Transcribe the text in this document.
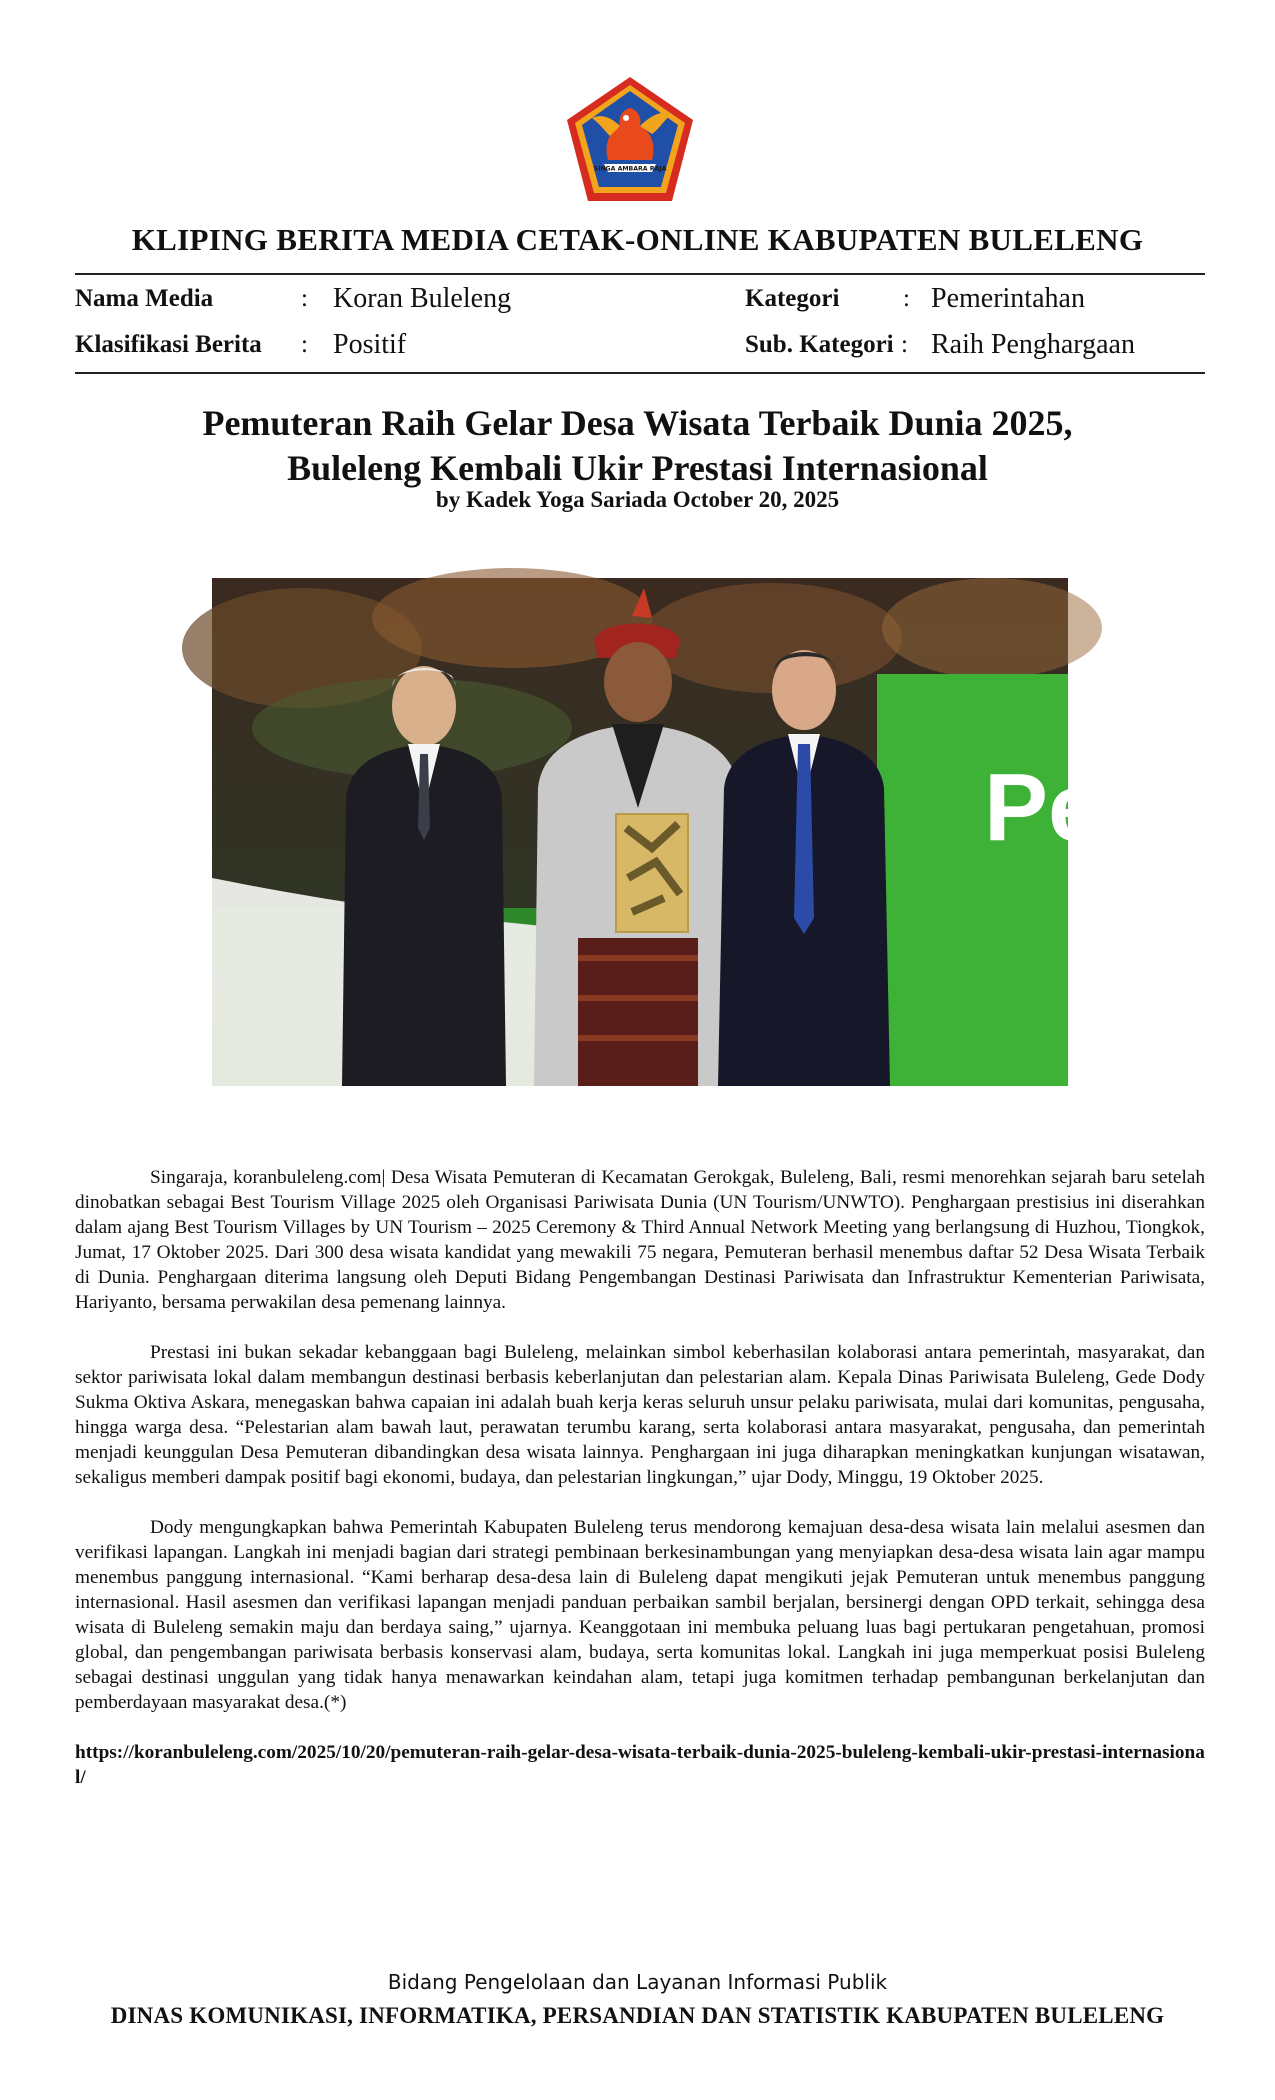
SINGA AMBARA RAJA
KLIPING BERITA MEDIA CETAK-ONLINE KABUPATEN BULELENG
Nama Media	: Koran Buleleng
Klasifikasi Berita : Positif
Kategori	: Pemerintahan
Sub. Kategori : Raih Penghargaan
Pemuteran Raih Gelar Desa Wisata Terbaik Dunia 2025,
Buleleng Kembali Ukir Prestasi Internasional
by Kadek Yoga Sariada October 20, 2025
Pe

Singaraja, koranbuleleng.com| Desa Wisata Pemuteran di Kecamatan Gerokgak, Buleleng, Bali, resmi menorehkan sejarah baru setelah dinobatkan sebagai Best Tourism Village 2025 oleh Organisasi Pariwisata Dunia (UN Tourism/UNWTO). Penghargaan prestisius ini diserahkan dalam ajang Best Tourism Villages by UN Tourism – 2025 Ceremony & Third Annual Network Meeting yang berlangsung di Huzhou, Tiongkok, Jumat, 17 Oktober 2025. Dari 300 desa wisata kandidat yang mewakili 75 negara, Pemuteran berhasil menembus daftar 52 Desa Wisata Terbaik di Dunia. Penghargaan diterima langsung oleh Deputi Bidang Pengembangan Destinasi Pariwisata dan Infrastruktur Kementerian Pariwisata, Hariyanto, bersama perwakilan desa pemenang lainnya.

Prestasi ini bukan sekadar kebanggaan bagi Buleleng, melainkan simbol keberhasilan kolaborasi antara pemerintah, masyarakat, dan sektor pariwisata lokal dalam membangun destinasi berbasis keberlanjutan dan pelestarian alam. Kepala Dinas Pariwisata Buleleng, Gede Dody Sukma Oktiva Askara, menegaskan bahwa capaian ini adalah buah kerja keras seluruh unsur pelaku pariwisata, mulai dari komunitas, pengusaha, hingga warga desa. “Pelestarian alam bawah laut, perawatan terumbu karang, serta kolaborasi antara masyarakat, pengusaha, dan pemerintah menjadi keunggulan Desa Pemuteran dibandingkan desa wisata lainnya. Penghargaan ini juga diharapkan meningkatkan kunjungan wisatawan, sekaligus memberi dampak positif bagi ekonomi, budaya, dan pelestarian lingkungan,” ujar Dody, Minggu, 19 Oktober 2025.

Dody mengungkapkan bahwa Pemerintah Kabupaten Buleleng terus mendorong kemajuan desa-desa wisata lain melalui asesmen dan verifikasi lapangan. Langkah ini menjadi bagian dari strategi pembinaan berkesinambungan yang menyiapkan desa-desa wisata lain agar mampu menembus panggung internasional. “Kami berharap desa-desa lain di Buleleng dapat mengikuti jejak Pemuteran untuk menembus panggung internasional. Hasil asesmen dan verifikasi lapangan menjadi panduan perbaikan sambil berjalan, bersinergi dengan OPD terkait, sehingga desa wisata di Buleleng semakin maju dan berdaya saing,” ujarnya. Keanggotaan ini membuka peluang luas bagi pertukaran pengetahuan, promosi global, dan pengembangan pariwisata berbasis konservasi alam, budaya, serta komunitas lokal. Langkah ini juga memperkuat posisi Buleleng sebagai destinasi unggulan yang tidak hanya menawarkan keindahan alam, tetapi juga komitmen terhadap pembangunan berkelanjutan dan pemberdayaan masyarakat desa.(*)

https://koranbuleleng.com/2025/10/20/pemuteran-raih-gelar-desa-wisata-terbaik-dunia-2025-buleleng-kembali-ukir-prestasi-internasional/

Bidang Pengelolaan dan Layanan Informasi Publik
DINAS KOMUNIKASI, INFORMATIKA, PERSANDIAN DAN STATISTIK KABUPATEN BULELENG
